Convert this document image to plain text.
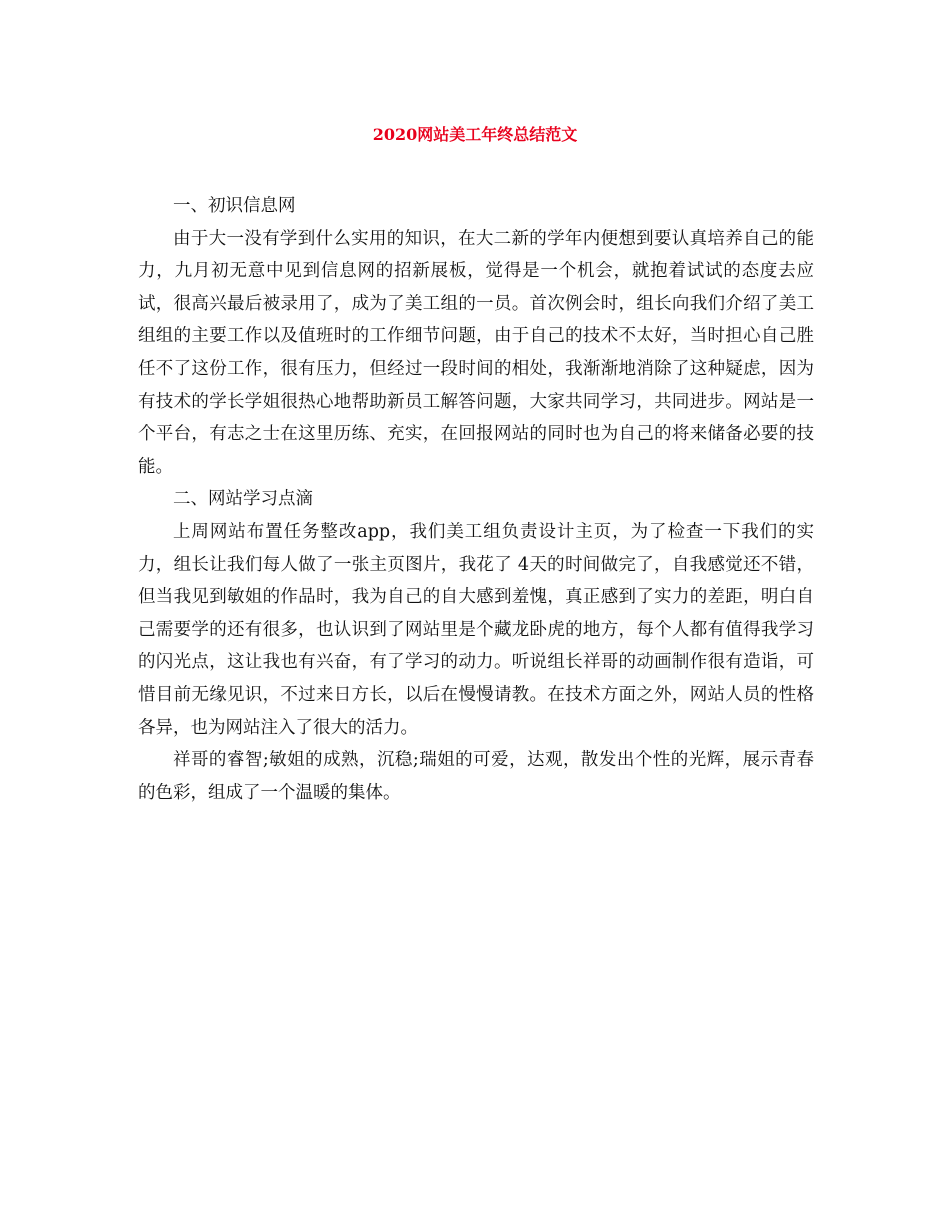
2020网站美工年终总结范文

一、初识信息网

由于大一没有学到什么实用的知识，在大二新的学年内便想到要认真培养自己的能力，九月初无意中见到信息网的招新展板，觉得是一个机会，就抱着试试的态度去应试，很高兴最后被录用了，成为了美工组的一员。首次例会时，组长向我们介绍了美工组组的主要工作以及值班时的工作细节问题，由于自己的技术不太好，当时担心自己胜任不了这份工作，很有压力，但经过一段时间的相处，我渐渐地消除了这种疑虑，因为有技术的学长学姐很热心地帮助新员工解答问题，大家共同学习，共同进步。网站是一个平台，有志之士在这里历练、充实，在回报网站的同时也为自己的将来储备必要的技能。

二、网站学习点滴

上周网站布置任务整改app，我们美工组负责设计主页，为了检查一下我们的实力，组长让我们每人做了一张主页图片，我花了 4天的时间做完了，自我感觉还不错，但当我见到敏姐的作品时，我为自己的自大感到羞愧，真正感到了实力的差距，明白自己需要学的还有很多，也认识到了网站里是个藏龙卧虎的地方，每个人都有值得我学习的闪光点，这让我也有兴奋，有了学习的动力。听说组长祥哥的动画制作很有造诣，可惜目前无缘见识，不过来日方长，以后在慢慢请教。在技术方面之外，网站人员的性格各异，也为网站注入了很大的活力。

祥哥的睿智;敏姐的成熟，沉稳;瑞姐的可爱，达观，散发出个性的光辉，展示青春的色彩，组成了一个温暖的集体。
